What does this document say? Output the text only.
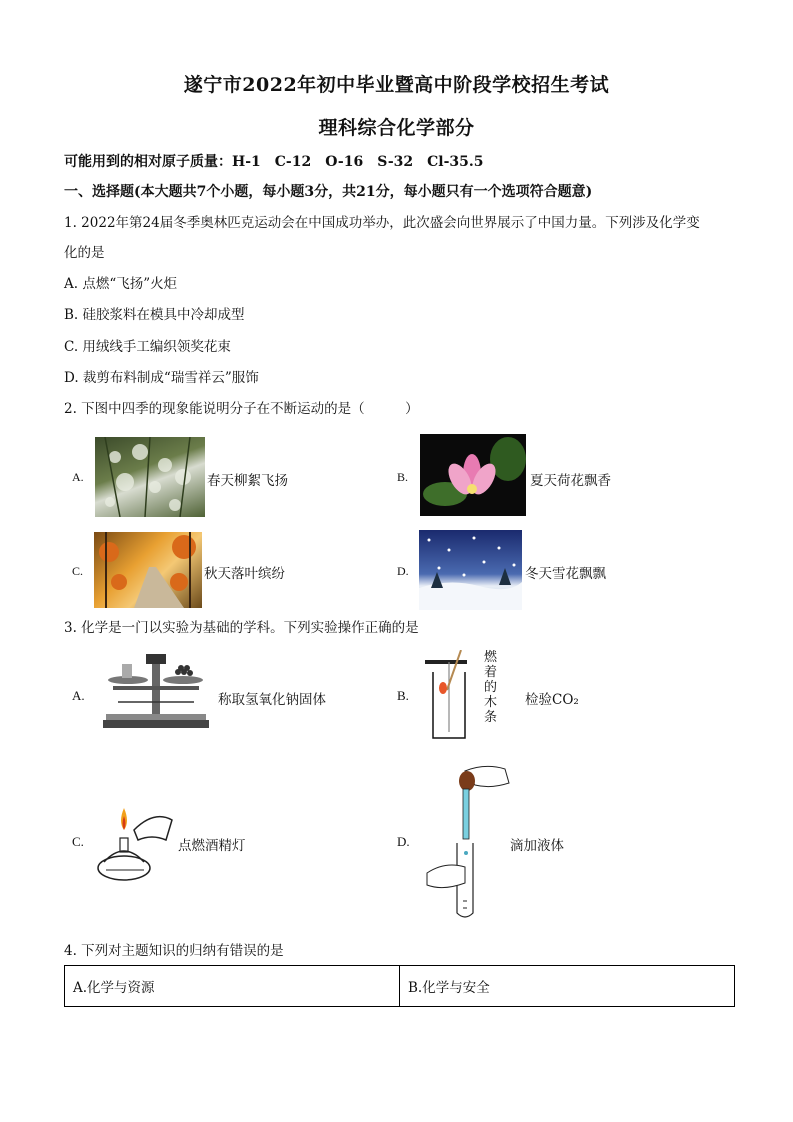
遂宁市2022年初中毕业暨高中阶段学校招生考试
理科综合化学部分
可能用到的相对原子质量：H-1　C-12　O-16　S-32　Cl-35.5
一、选择题(本大题共7个小题，每小题3分，共21分，每小题只有一个选项符合题意)
1. 2022年第24届冬季奥林匹克运动会在中国成功举办，此次盛会向世界展示了中国力量。下列涉及化学变
化的是
A. 点燃“飞扬”火炬
B. 硅胶浆料在模具中冷却成型
C. 用绒线手工编织领奖花束
D. 裁剪布料制成“瑞雪祥云”服饰
2. 下图中四季的现象能说明分子在不断运动的是（　　　）
A.	春天柳絮飞扬	B.	夏天荷花飘香
C.	秋天落叶缤纷	D.	冬天雪花飘飘
3. 化学是一门以实验为基础的学科。下列实验操作正确的是
A.	称取氢氧化钠固体	B.
燃着的木条
检验CO₂
C.	点燃酒精灯	D.	滴加液体
4. 下列对主题知识的归纳有错误的是
A.化学与资源	B.化学与安全
